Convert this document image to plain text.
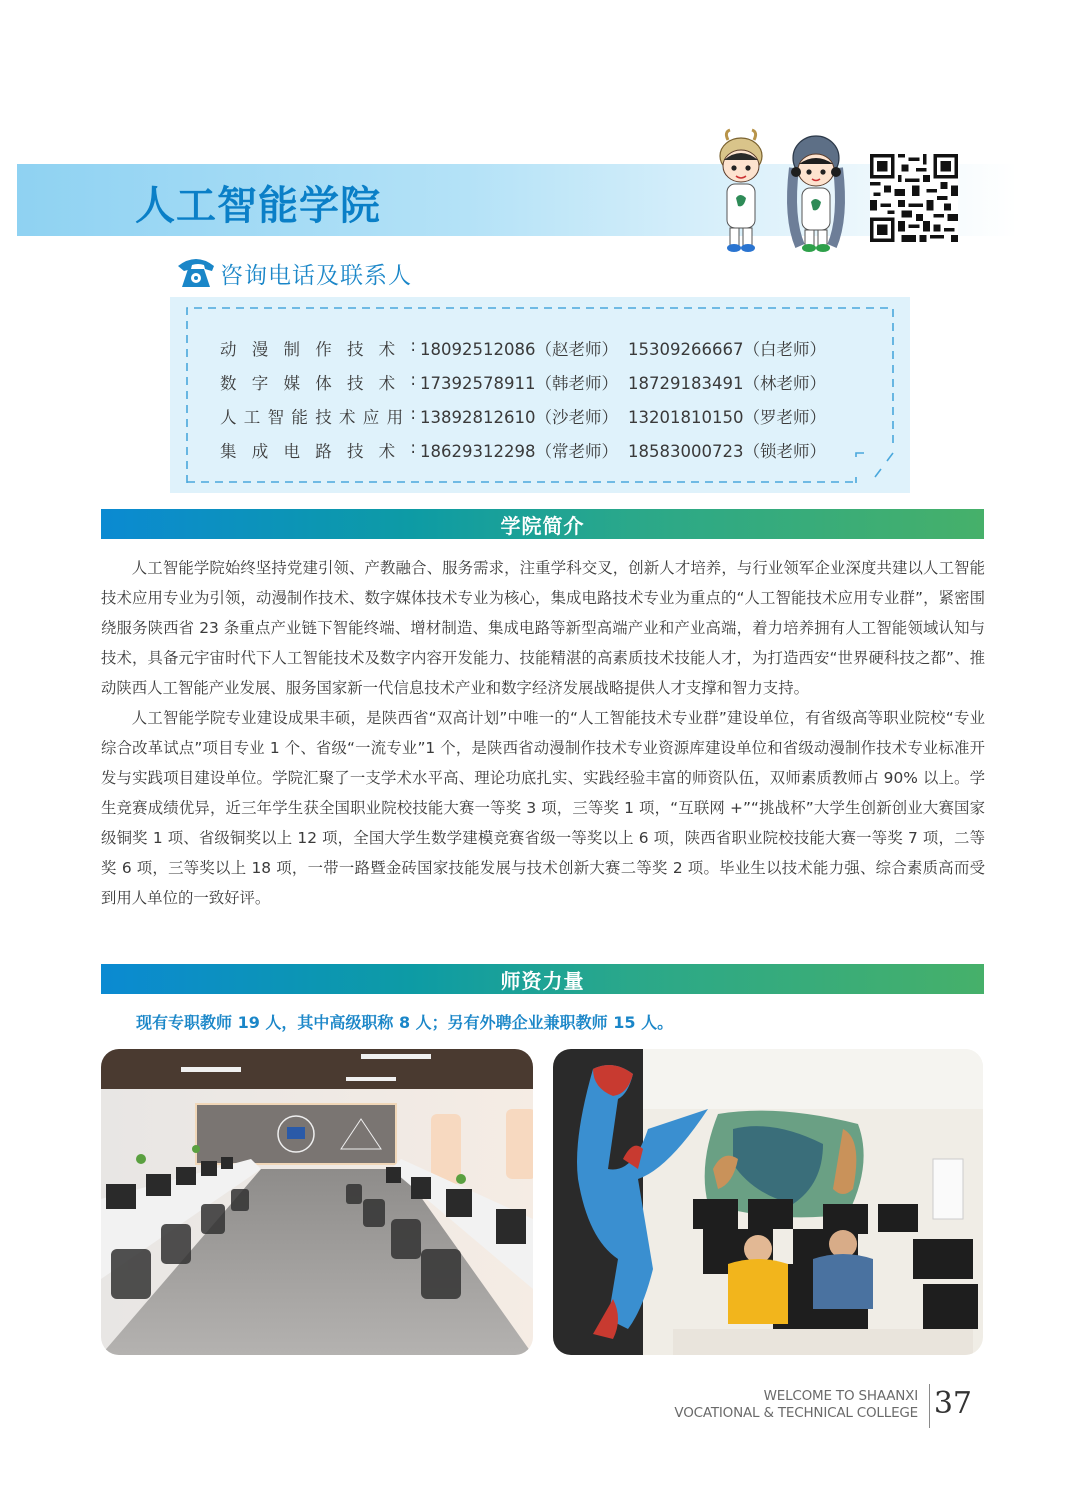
人工智能学院
咨询电话及联系人
动 漫 制 作 技 术 : 18092512086（赵老师） 15309266667（白老师）
数 字 媒 体 技 术 : 17392578911（韩老师） 18729183491（林老师）
人 工 智 能 技 术 应 用 : 13892812610（沙老师） 13201810150（罗老师）
集 成 电 路 技 术 : 18629312298（常老师） 18583000723（锁老师）
学院简介

人工智能学院始终坚持党建引领、产教融合、服务需求，注重学科交叉，创新人才培养，与行业领军企业深度共建以人工智能技术应用专业为引领，动漫制作技术、数字媒体技术专业为核心，集成电路技术专业为重点的“人工智能技术应用专业群”，紧密围绕服务陕西省 23 条重点产业链下智能终端、增材制造、集成电路等新型高端产业和产业高端，着力培养拥有人工智能领域认知与技术，具备元宇宙时代下人工智能技术及数字内容开发能力、技能精湛的高素质技术技能人才，为打造西安“世界硬科技之都”、推动陕西人工智能产业发展、服务国家新一代信息技术产业和数字经济发展战略提供人才支撑和智力支持。

人工智能学院专业建设成果丰硕，是陕西省“双高计划”中唯一的“人工智能技术专业群”建设单位，有省级高等职业院校“专业综合改革试点”项目专业 1 个、省级“一流专业”1 个，是陕西省动漫制作技术专业资源库建设单位和省级动漫制作技术专业标准开发与实践项目建设单位。学院汇聚了一支学术水平高、理论功底扎实、实践经验丰富的师资队伍，双师素质教师占 90% 以上。学生竞赛成绩优异，近三年学生获全国职业院校技能大赛一等奖 3 项，三等奖 1 项，“互联网 +”“挑战杯”大学生创新创业大赛国家级铜奖 1 项、省级铜奖以上 12 项，全国大学生数学建模竞赛省级一等奖以上 6 项，陕西省职业院校技能大赛一等奖 7 项，二等奖 6 项，三等奖以上 18 项，一带一路暨金砖国家技能发展与技术创新大赛二等奖 2 项。毕业生以技术能力强、综合素质高而受到用人单位的一致好评。

师资力量
现有专职教师 19 人，其中高级职称 8 人；另有外聘企业兼职教师 15 人。
WELCOME TO SHAANXI
VOCATIONAL & TECHNICAL COLLEGE 37
